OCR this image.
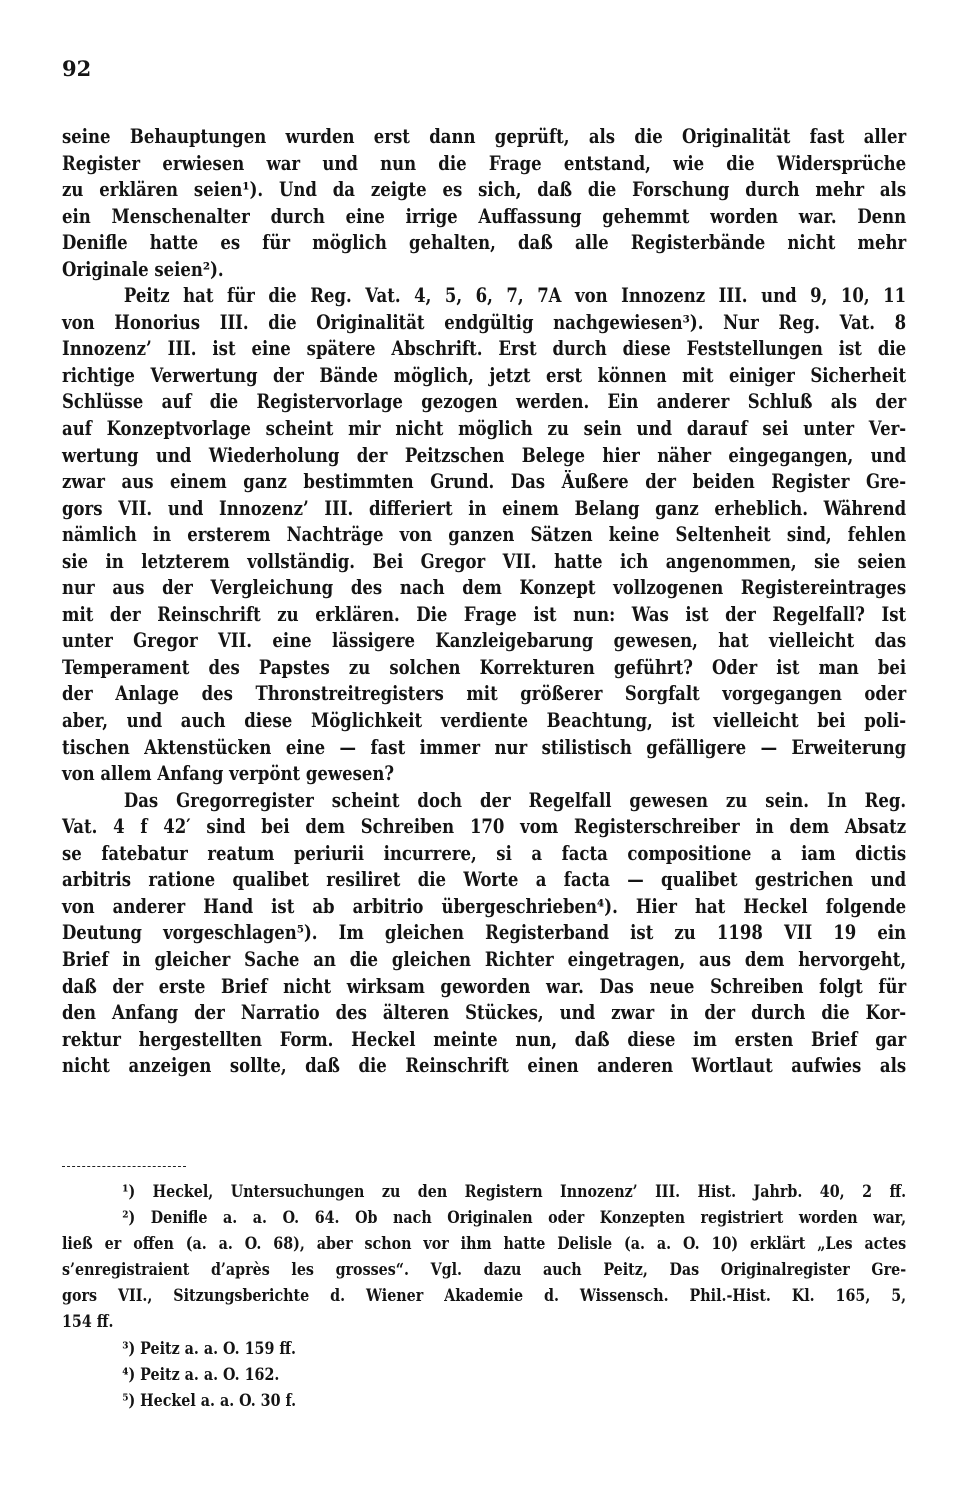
92
seine Behauptungen wurden erst dann geprüft, als die Originalität fast aller
Register erwiesen war und nun die Frage entstand, wie die Widersprüche
zu erklären seien¹). Und da zeigte es sich, daß die Forschung durch mehr als
ein Menschenalter durch eine irrige Auffassung gehemmt worden war. Denn
Denifle hatte es für möglich gehalten, daß alle Registerbände nicht mehr
Originale seien²).
Peitz hat für die Reg. Vat. 4, 5, 6, 7, 7A von Innozenz III. und 9, 10, 11
von Honorius III. die Originalität endgültig nachgewiesen³). Nur Reg. Vat. 8
Innozenz’ III. ist eine spätere Abschrift. Erst durch diese Feststellungen ist die
richtige Verwertung der Bände möglich, jetzt erst können mit einiger Sicherheit
Schlüsse auf die Registervorlage gezogen werden. Ein anderer Schluß als der
auf Konzeptvorlage scheint mir nicht möglich zu sein und darauf sei unter Ver-
wertung und Wiederholung der Peitzschen Belege hier näher eingegangen, und
zwar aus einem ganz bestimmten Grund. Das Äußere der beiden Register Gre-
gors VII. und Innozenz’ III. differiert in einem Belang ganz erheblich. Während
nämlich in ersterem Nachträge von ganzen Sätzen keine Seltenheit sind, fehlen
sie in letzterem vollständig. Bei Gregor VII. hatte ich angenommen, sie seien
nur aus der Vergleichung des nach dem Konzept vollzogenen Registereintrages
mit der Reinschrift zu erklären. Die Frage ist nun: Was ist der Regelfall? Ist
unter Gregor VII. eine lässigere Kanzleigebarung gewesen, hat vielleicht das
Temperament des Papstes zu solchen Korrekturen geführt? Oder ist man bei
der Anlage des Thronstreitregisters mit größerer Sorgfalt vorgegangen oder
aber, und auch diese Möglichkeit verdiente Beachtung, ist vielleicht bei poli-
tischen Aktenstücken eine — fast immer nur stilistisch gefälligere — Erweiterung
von allem Anfang verpönt gewesen?
Das Gregorregister scheint doch der Regelfall gewesen zu sein. In Reg.
Vat. 4 f 42′ sind bei dem Schreiben 170 vom Registerschreiber in dem Absatz
se fatebatur reatum periurii incurrere, si a facta compositione a iam dictis
arbitris ratione qualibet resiliret die Worte a facta — qualibet gestrichen und
von anderer Hand ist ab arbitrio übergeschrieben⁴). Hier hat Heckel folgende
Deutung vorgeschlagen⁵). Im gleichen Registerband ist zu 1198 VII 19 ein
Brief in gleicher Sache an die gleichen Richter eingetragen, aus dem hervorgeht,
daß der erste Brief nicht wirksam geworden war. Das neue Schreiben folgt für
den Anfang der Narratio des älteren Stückes, und zwar in der durch die Kor-
rektur hergestellten Form. Heckel meinte nun, daß diese im ersten Brief gar
nicht anzeigen sollte, daß die Reinschrift einen anderen Wortlaut aufwies als
¹) Heckel, Untersuchungen zu den Registern Innozenz’ III. Hist. Jahrb. 40, 2 ff.
²) Denifle a. a. O. 64. Ob nach Originalen oder Konzepten registriert worden war,
ließ er offen (a. a. O. 68), aber schon vor ihm hatte Delisle (a. a. O. 10) erklärt „Les actes
s’enregistraient d’après les grosses“. Vgl. dazu auch Peitz, Das Originalregister Gre-
gors VII., Sitzungsberichte d. Wiener Akademie d. Wissensch. Phil.-Hist. Kl. 165, 5,
154 ff.
³) Peitz a. a. O. 159 ff.
⁴) Peitz a. a. O. 162.
⁵) Heckel a. a. O. 30 f.
